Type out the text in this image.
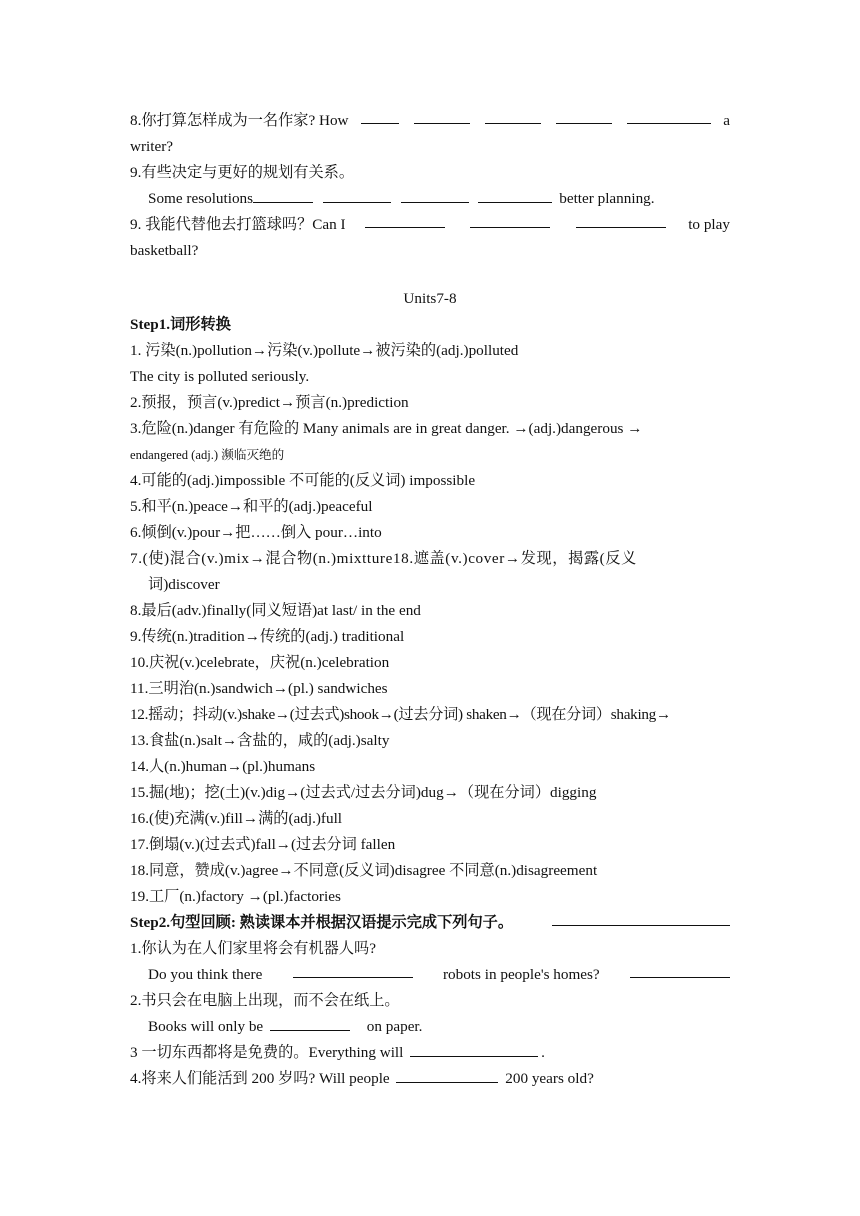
8.你打算怎样成为一名作家? How	a
writer?
9.有些决定与更好的规划有关系。
Some resolutions	better planning.
9. 我能代替他去打篮球吗？Can I	to play
basketball?
Units7-8
Step1.词形转换
1. 污染(n.)pollution→污染(v.)pollute→被污染的(adj.)polluted
The city is polluted seriously.
2.预报，预言(v.)predict→预言(n.)prediction
3.危险(n.)danger 有危险的 Many animals are in great danger. →(adj.)dangerous →
endangered (adj.) 濒临灭绝的
4.可能的(adj.)impossible 不可能的(反义词) impossible
5.和平(n.)peace→和平的(adj.)peaceful
6.倾倒(v.)pour→把……倒入 pour…into
7.(使)混合(v.)mix→混合物(n.)mixtture18.遮盖(v.)cover→发现，揭露(反义
词)discover
8.最后(adv.)finally(同义短语)at last/ in the end
9.传统(n.)tradition→传统的(adj.) traditional
10.庆祝(v.)celebrate，庆祝(n.)celebration
11.三明治(n.)sandwich→(pl.) sandwiches
12.摇动；抖动(v.)shake→(过去式)shook→(过去分词) shaken→（现在分词）shaking→
13.食盐(n.)salt→含盐的，咸的(adj.)salty
14.人(n.)human→(pl.)humans
15.掘(地)；挖(土)(v.)dig→(过去式/过去分词)dug→（现在分词）digging
16.(使)充满(v.)fill→满的(adj.)full
17.倒塌(v.)(过去式)fall→(过去分词 fallen
18.同意，赞成(v.)agree→不同意(反义词)disagree 不同意(n.)disagreement
19.工厂(n.)factory →(pl.)factories
Step2.句型回顾: 熟读课本并根据汉语提示完成下列句子。
1.你认为在人们家里将会有机器人吗?
Do you think there	robots in people's homes?
2.书只会在电脑上出现，而不会在纸上。
Books will only be	on paper.
3 一切东西都将是免费的。Everything will	.
4.将来人们能活到 200 岁吗? Will people	200 years old?
